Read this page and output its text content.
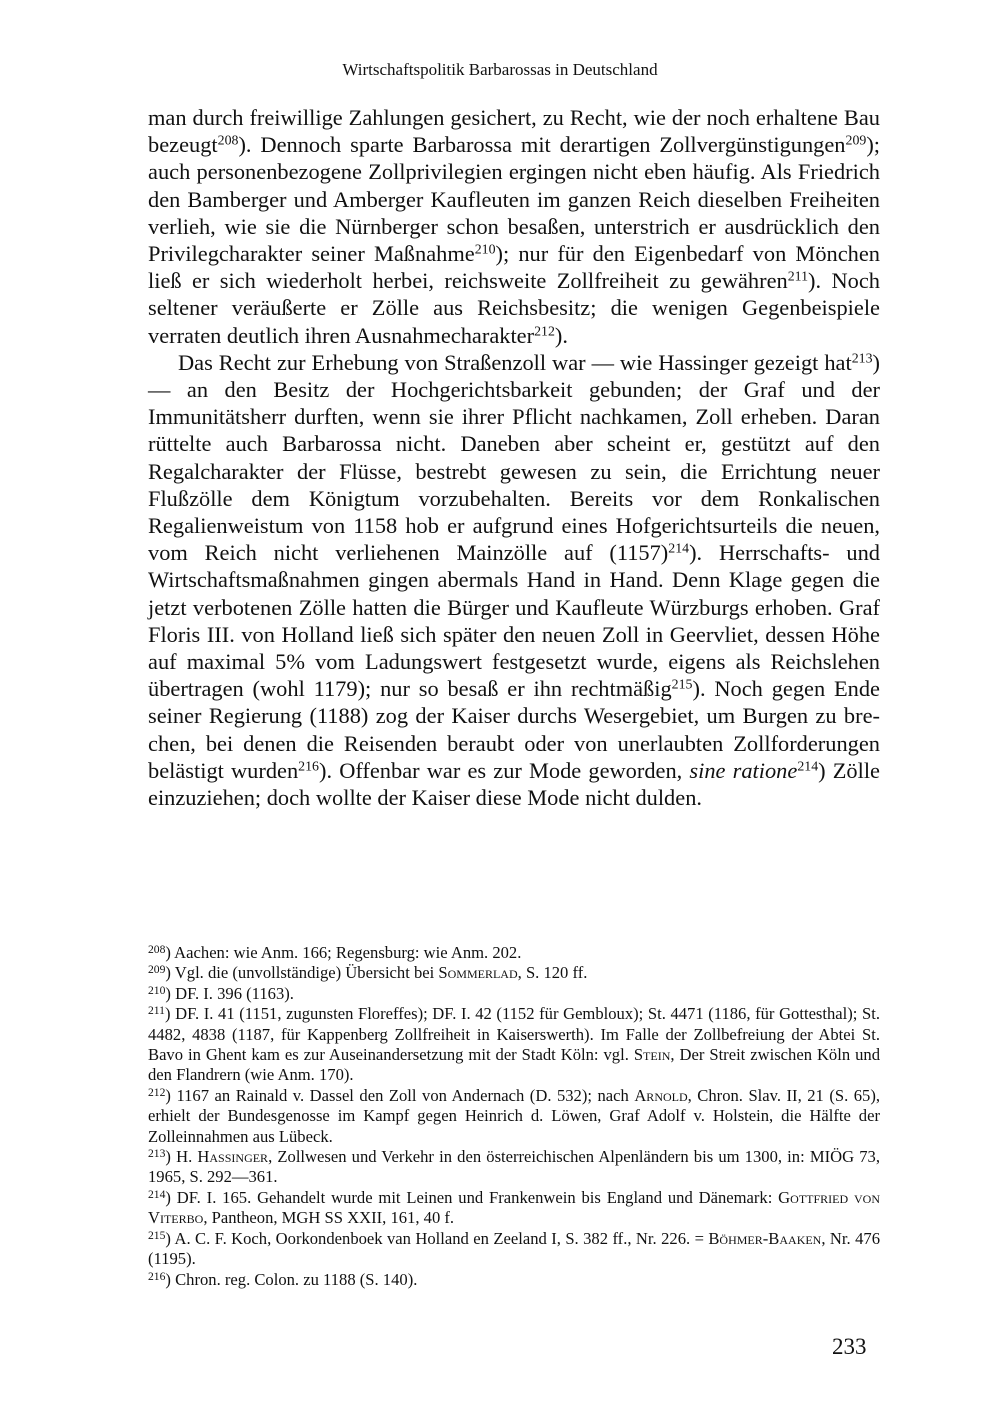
Wirtschaftspolitik Barbarossas in Deutschland

man durch freiwillige Zahlungen gesichert, zu Recht, wie der noch erhaltene Bau bezeugt$^{208}$). Dennoch sparte Barbarossa mit derartigen Zollvergünstigungen$^{209}$); auch personenbezogene Zollprivilegien ergingen nicht eben häufig. Als Friedrich den Bamberger und Amberger Kaufleuten im ganzen Reich dieselben Freiheiten verlieh, wie sie die Nürnberger schon besaßen, unterstrich er ausdrücklich den Privilegcharakter seiner Maßnahme$^{210}$); nur für den Eigenbedarf von Mönchen ließ er sich wiederholt herbei, reichsweite Zollfreiheit zu gewähren$^{211}$). Noch seltener veräußerte er Zölle aus Reichsbesitz; die wenigen Gegenbeispiele verraten deutlich ihren Ausnahmecharakter$^{212}$).

Das Recht zur Erhebung von Straßenzoll war — wie Hassinger gezeigt hat$^{213}$) — an den Besitz der Hochgerichtsbarkeit gebunden; der Graf und der Immunitätsherr durften, wenn sie ihrer Pflicht nachkamen, Zoll erheben. Daran rüttelte auch Barbarossa nicht. Daneben aber scheint er, gestützt auf den Regalcharakter der Flüsse, bestrebt gewesen zu sein, die Errichtung neuer Flußzölle dem Königtum vorzubehalten. Bereits vor dem Ronkalischen Regalienweistum von 1158 hob er aufgrund eines Hofgerichtsurteils die neuen, vom Reich nicht verliehenen Mainzölle auf $(1157)^{214}$). Herrschafts- und Wirtschaftsmaßnahmen gingen abermals Hand in Hand. Denn Klage gegen die jetzt verbotenen Zölle hatten die Bürger und Kaufleute Würzburgs erhoben. Graf Floris III. von Holland ließ sich später den neuen Zoll in Geervliet, dessen Höhe auf maximal 5% vom Ladungswert festgesetzt wurde, eigens als Reichslehen übertragen (wohl 1179); nur so besaß er ihn rechtmäßig$^{215}$). Noch gegen Ende seiner Regierung (1188) zog der Kaiser durchs Wesergebiet, um Burgen zu brechen, bei denen die Reisenden beraubt oder von unerlaubten Zollforderungen belästigt wurden$^{216}$). Offenbar war es zur Mode geworden, sine ratione$^{214}$) Zölle einzuziehen; doch wollte der Kaiser diese Mode nicht dulden.

$^{208}$) Aachen: wie Anm. 166; Regensburg: wie Anm. 202.
$^{209}$) Vgl. die (unvollständige) Übersicht bei Sommerlad, S. 120 ff.
$^{210}$) DF. I. 396 (1163).
$^{211}$) DF. I. 41 (1151, zugunsten Floreffes); DF. I. 42 (1152 für Gembloux); St. 4471 (1186, für Gottesthal); St. 4482, 4838 (1187, für Kappenberg Zollfreiheit in Kaiserswerth). Im Falle der Zollbefreiung der Abtei St. Bavo in Ghent kam es zur Auseinandersetzung mit der Stadt Köln: vgl. Stein, Der Streit zwischen Köln und den Flandrern (wie Anm. 170).
$^{212}$) 1167 an Rainald v. Dassel den Zoll von Andernach (D. 532); nach Arnold, Chron. Slav. II, 21 (S. 65), erhielt der Bundesgenosse im Kampf gegen Heinrich d. Löwen, Graf Adolf v. Holstein, die Hälfte der Zolleinnahmen aus Lübeck.
$^{213}$) H. Hassinger, Zollwesen und Verkehr in den österreichischen Alpenländern bis um 1300, in: MIÖG 73, 1965, S. 292—361.
$^{214}$) DF. I. 165. Gehandelt wurde mit Leinen und Frankenwein bis England und Dänemark: Gottfried von Viterbo, Pantheon, MGH SS XXII, 161, 40 f.
$^{215}$) A. C. F. Koch, Oorkondenboek van Holland en Zeeland I, S. 382 ff., Nr. 226. = Böhmer-Baaken, Nr. 476 (1195).
$^{216}$) Chron. reg. Colon. zu 1188 (S. 140).
233
